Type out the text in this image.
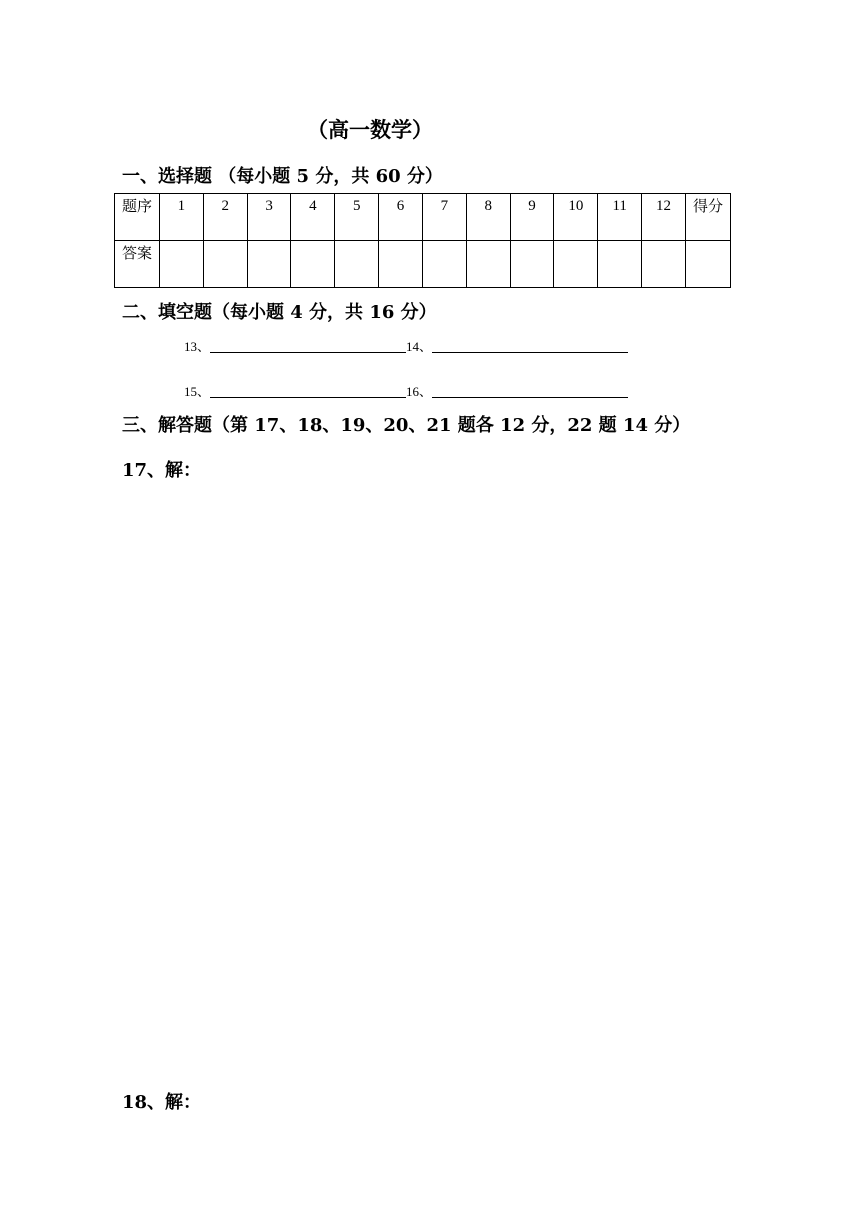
（高一数学）
一、选择题 （每小题 5 分，共 60 分）
题序	1	2	3	4	5	6	7	8	9	10	11	12	得分
答案													
二、填空题（每小题 4 分，共 16 分）
13、	14、
15、	16、
三、解答题（第 17、18、19、20、21 题各 12 分，22 题 14 分）
17、解：
18、解：
